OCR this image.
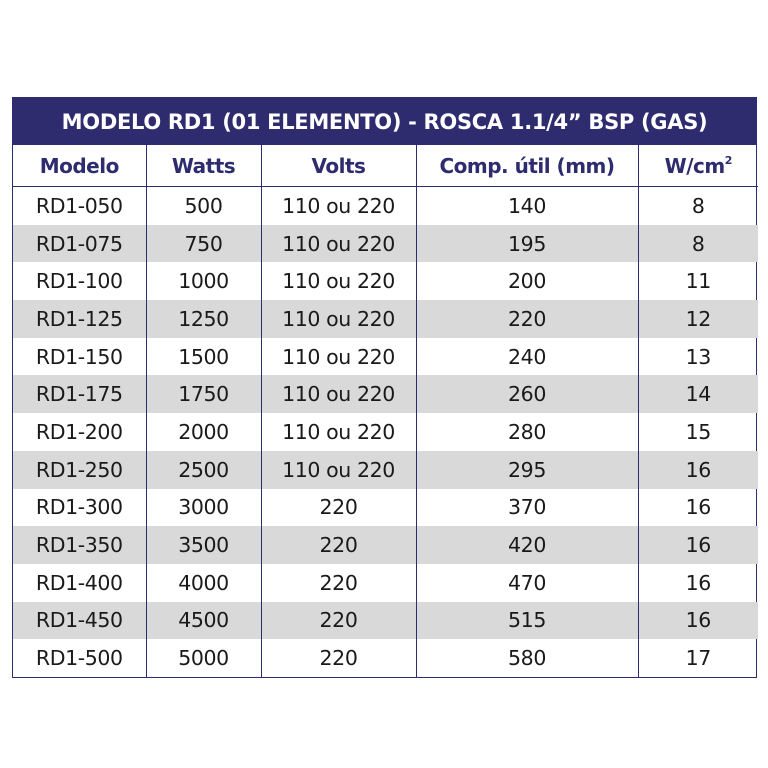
MODELO RD1 (01 ELEMENTO) - ROSCA 1.1/4” BSP (GAS)
Modelo	Watts	Volts	Comp. útil (mm)	$W/cm^2$
RD1-050	500	110 ou 220	140	8
RD1-075	750	110 ou 220	195	8
RD1-100	1000	110 ou 220	200	11
RD1-125	1250	110 ou 220	220	12
RD1-150	1500	110 ou 220	240	13
RD1-175	1750	110 ou 220	260	14
RD1-200	2000	110 ou 220	280	15
RD1-250	2500	110 ou 220	295	16
RD1-300	3000	220	370	16
RD1-350	3500	220	420	16
RD1-400	4000	220	470	16
RD1-450	4500	220	515	16
RD1-500	5000	220	580	17
